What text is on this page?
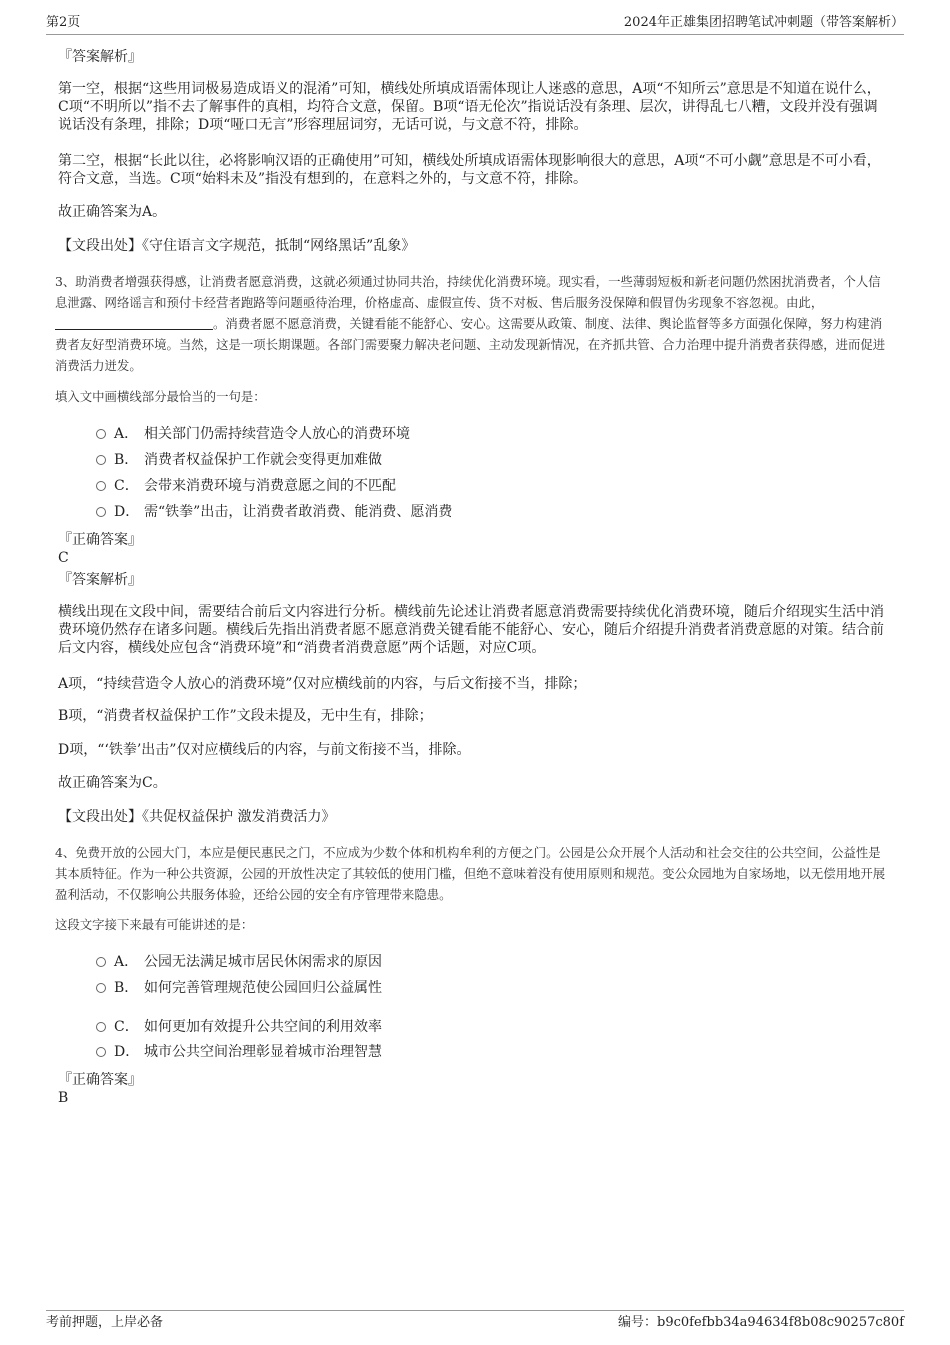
第2页	2024年正雄集团招聘笔试冲刺题（带答案解析）
『答案解析』

第一空，根据“这些用词极易造成语义的混淆”可知，横线处所填成语需体现让人迷惑的意思，A项“不知所云”意思是不知道在说什么，C项“不明所以”指不去了解事件的真相，均符合文意，保留。B项“语无伦次”指说话没有条理、层次，讲得乱七八糟，文段并没有强调说话没有条理，排除；D项“哑口无言”形容理屈词穷，无话可说，与文意不符，排除。

第二空，根据“长此以往，必将影响汉语的正确使用”可知，横线处所填成语需体现影响很大的意思，A项“不可小觑”意思是不可小看，符合文意，当选。C项“始料未及”指没有想到的，在意料之外的，与文意不符，排除。

故正确答案为A。

【文段出处】《守住语言文字规范，抵制“网络黑话”乱象》

3、助消费者增强获得感，让消费者愿意消费，这就必须通过协同共治，持续优化消费环境。现实看，一些薄弱短板和新老问题仍然困扰消费者，个人信息泄露、网络谣言和预付卡经营者跑路等问题亟待治理，价格虚高、虚假宣传、货不对板、售后服务没保障和假冒伪劣现象不容忽视。由此，。消费者愿不愿意消费，关键看能不能舒心、安心。这需要从政策、制度、法律、舆论监督等多方面强化保障，努力构建消费者友好型消费环境。当然，这是一项长期课题。各部门需要聚力解决老问题、主动发现新情况，在齐抓共管、合力治理中提升消费者获得感，进而促进消费活力迸发。

填入文中画横线部分最恰当的一句是：

A． 相关部门仍需持续营造令人放心的消费环境
B． 消费者权益保护工作就会变得更加难做
C． 会带来消费环境与消费意愿之间的不匹配
D． 需“铁拳”出击，让消费者敢消费、能消费、愿消费
『正确答案』
C
『答案解析』

横线出现在文段中间，需要结合前后文内容进行分析。横线前先论述让消费者愿意消费需要持续优化消费环境，随后介绍现实生活中消费环境仍然存在诸多问题。横线后先指出消费者愿不愿意消费关键看能不能舒心、安心，随后介绍提升消费者消费意愿的对策。结合前后文内容，横线处应包含“消费环境”和“消费者消费意愿”两个话题，对应C项。

A项，“持续营造令人放心的消费环境”仅对应横线前的内容，与后文衔接不当，排除；

B项，“消费者权益保护工作”文段未提及，无中生有，排除；

D项，“‘铁拳’出击”仅对应横线后的内容，与前文衔接不当，排除。

故正确答案为C。

【文段出处】《共促权益保护 激发消费活力》

4、免费开放的公园大门，本应是便民惠民之门，不应成为少数个体和机构牟利的方便之门。公园是公众开展个人活动和社会交往的公共空间，公益性是其本质特征。作为一种公共资源，公园的开放性决定了其较低的使用门槛，但绝不意味着没有使用原则和规范。变公众园地为自家场地，以无偿用地开展盈利活动，不仅影响公共服务体验，还给公园的安全有序管理带来隐患。

这段文字接下来最有可能讲述的是：

A． 公园无法满足城市居民休闲需求的原因
B． 如何完善管理规范使公园回归公益属性
C． 如何更加有效提升公共空间的利用效率
D． 城市公共空间治理彰显着城市治理智慧
『正确答案』
B
考前押题，上岸必备	编号：b9c0fefbb34a94634f8b08c90257c80f
